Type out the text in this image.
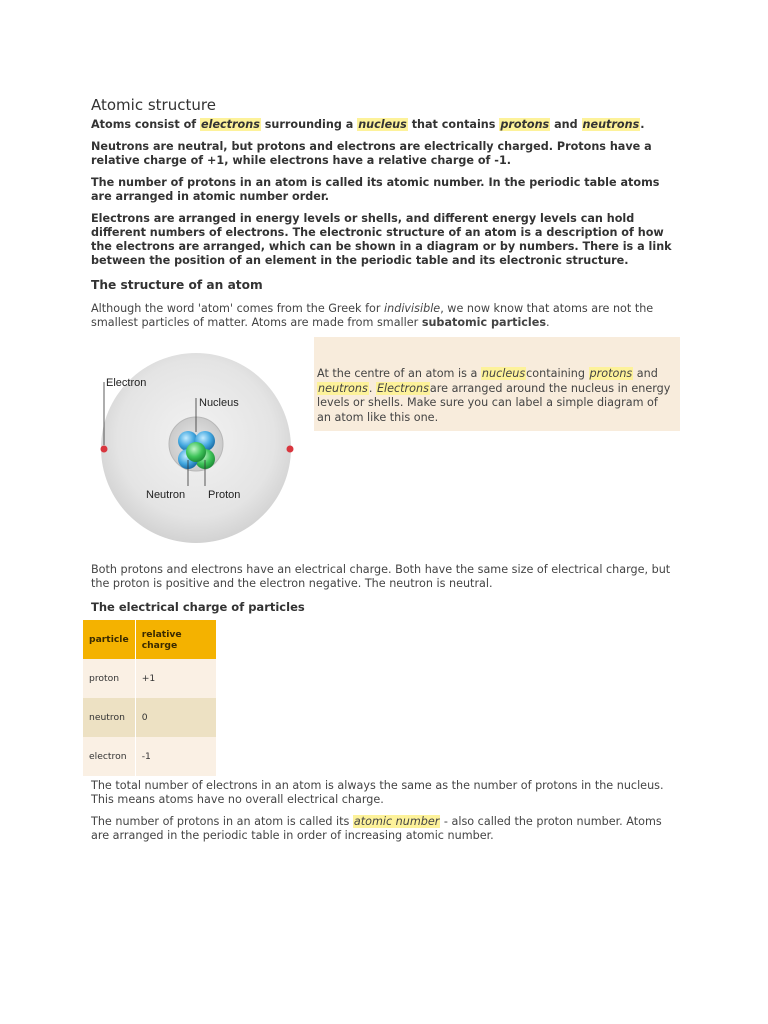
Atomic structure
Atoms consist of electrons surrounding a nucleus that contains protons and neutrons.
Neutrons are neutral, but protons and electrons are electrically charged. Protons have a relative charge of +1, while electrons have a relative charge of -1.
The number of protons in an atom is called its atomic number. In the periodic table atoms are arranged in atomic number order.
Electrons are arranged in energy levels or shells, and different energy levels can hold different numbers of electrons. The electronic structure of an atom is a description of how the electrons are arranged, which can be shown in a diagram or by numbers. There is a link between the position of an element in the periodic table and its electronic structure.
The structure of an atom
Although the word 'atom' comes from the Greek for indivisible, we now know that atoms are not the smallest particles of matter. Atoms are made from smaller subatomic particles.
Electron
Nucleus
Neutron Proton
At the centre of an atom is a nucleuscontaining protons and neutrons. Electronsare arranged around the nucleus in energy levels or shells. Make sure you can label a simple diagram of an atom like this one.
Both protons and electrons have an electrical charge. Both have the same size of electrical charge, but the proton is positive and the electron negative. The neutron is neutral.
The electrical charge of particles
particle	relative charge
proton	+1
neutron	0
electron	-1
The total number of electrons in an atom is always the same as the number of protons in the nucleus. This means atoms have no overall electrical charge.
The number of protons in an atom is called its atomic number - also called the proton number. Atoms are arranged in the periodic table in order of increasing atomic number.
